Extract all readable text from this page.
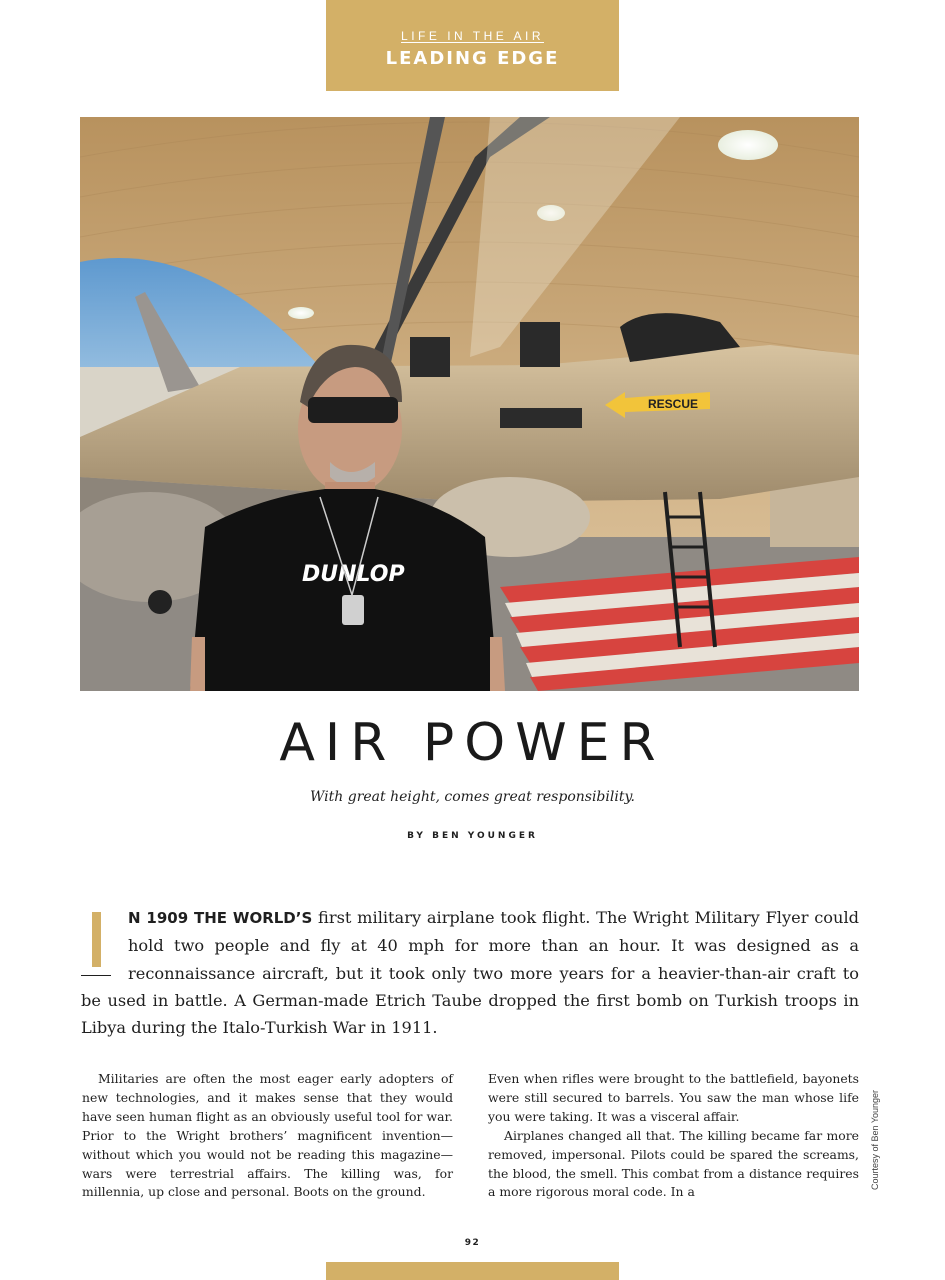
LIFE IN THE AIR
LEADING EDGE
RESCUE
DUNLOP
AIR POWER
With great height, comes great responsibility.
BY BEN YOUNGER

N 1909 THE WORLD’S first military airplane took flight. The Wright Military Flyer could hold two people and fly at 40 mph for more than an hour. It was designed as a reconnaissance aircraft, but it took only two more years for a heavier-than-air craft to be used in battle. A German-made Etrich Taube dropped the first bomb on Turkish troops in Libya during the Italo-Turkish War in 1911.

Militaries are often the most eager early adopters of new technologies, and it makes sense that they would have seen human flight as an obviously useful tool for war. Prior to the Wright brothers’ magnificent invention—without which you would not be reading this magazine—wars were terrestrial affairs. The killing was, for millennia, up close and personal. Boots on the ground.

Even when rifles were brought to the battlefield, bayonets were still secured to barrels. You saw the man whose life you were taking. It was a visceral affair.

Airplanes changed all that. The killing became far more removed, impersonal. Pilots could be spared the screams, the blood, the smell. This combat from a distance requires a more rigorous moral code. In a

Courtesy of Ben Younger
92
